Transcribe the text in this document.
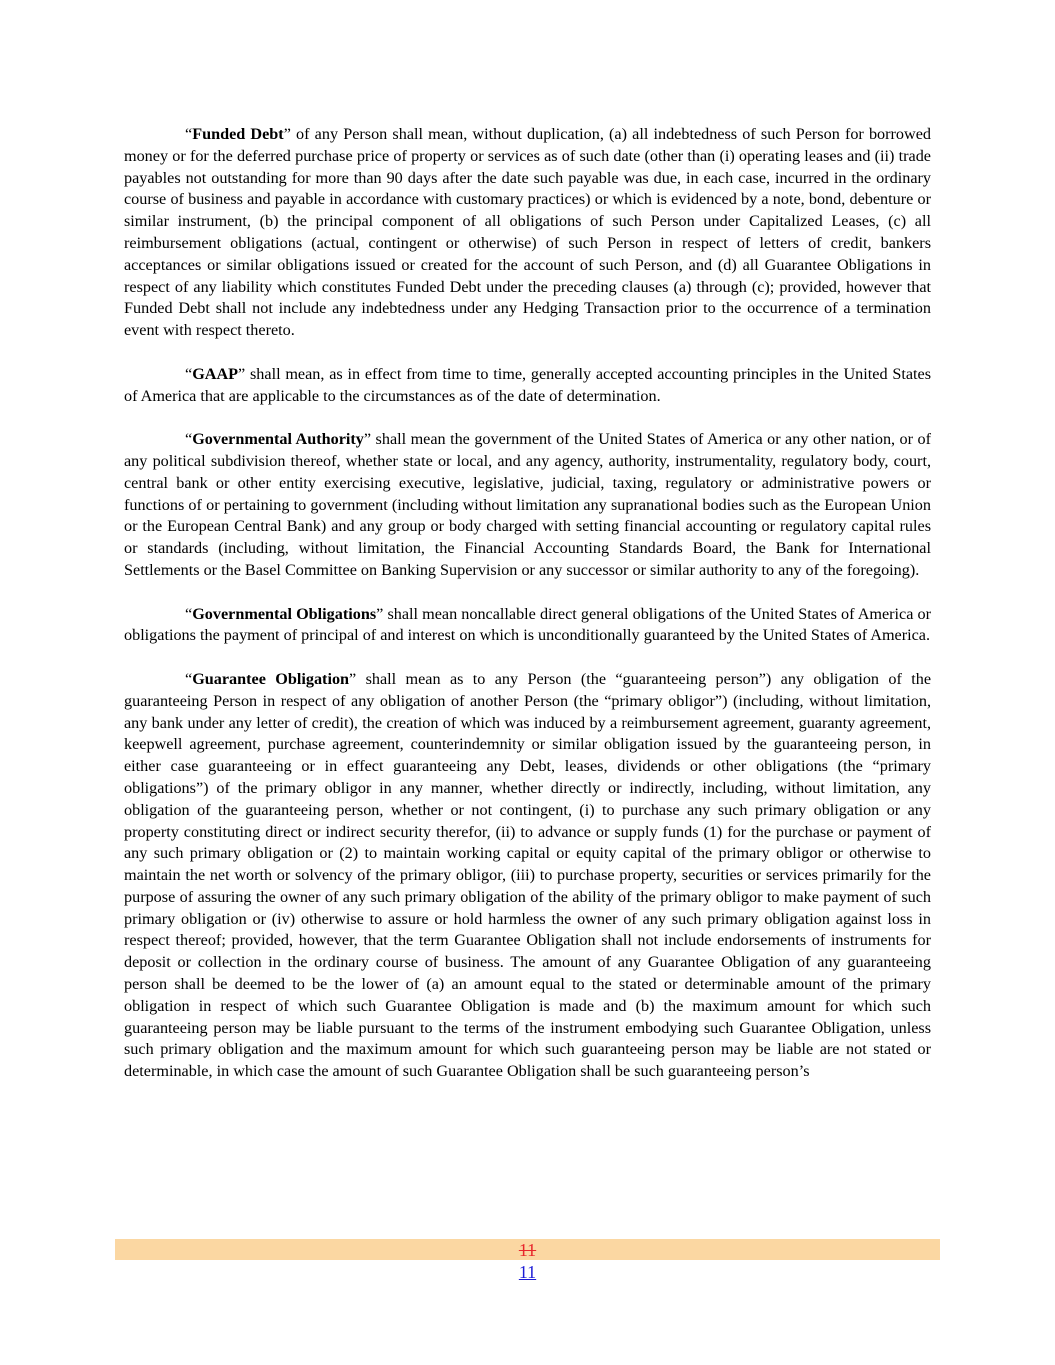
“Funded Debt” of any Person shall mean, without duplication, (a) all indebtedness of such Person for borrowed money or for the deferred purchase price of property or services as of such date (other than (i) operating leases and (ii) trade payables not outstanding for more than 90 days after the date such payable was due, in each case, incurred in the ordinary course of business and payable in accordance with customary practices) or which is evidenced by a note, bond, debenture or similar instrument, (b) the principal component of all obligations of such Person under Capitalized Leases, (c) all reimbursement obligations (actual, contingent or otherwise) of such Person in respect of letters of credit, bankers acceptances or similar obligations issued or created for the account of such Person, and (d) all Guarantee Obligations in respect of any liability which constitutes Funded Debt under the preceding clauses (a) through (c); provided, however that Funded Debt shall not include any indebtedness under any Hedging Transaction prior to the occurrence of a termination event with respect thereto.

“GAAP” shall mean, as in effect from time to time, generally accepted accounting principles in the United States of America that are applicable to the circumstances as of the date of determination.

“Governmental Authority” shall mean the government of the United States of America or any other nation, or of any political subdivision thereof, whether state or local, and any agency, authority, instrumentality, regulatory body, court, central bank or other entity exercising executive, legislative, judicial, taxing, regulatory or administrative powers or functions of or pertaining to government (including without limitation any supranational bodies such as the European Union or the European Central Bank) and any group or body charged with setting financial accounting or regulatory capital rules or standards (including, without limitation, the Financial Accounting Standards Board, the Bank for International Settlements or the Basel Committee on Banking Supervision or any successor or similar authority to any of the foregoing).

“Governmental Obligations” shall mean noncallable direct general obligations of the United States of America or obligations the payment of principal of and interest on which is unconditionally guaranteed by the United States of America.

“Guarantee Obligation” shall mean as to any Person (the “guaranteeing person”) any obligation of the guaranteeing Person in respect of any obligation of another Person (the “primary obligor”) (including, without limitation, any bank under any letter of credit), the creation of which was induced by a reimbursement agreement, guaranty agreement, keepwell agreement, purchase agreement, counterindemnity or similar obligation issued by the guaranteeing person, in either case guaranteeing or in effect guaranteeing any Debt, leases, dividends or other obligations (the “primary obligations”) of the primary obligor in any manner, whether directly or indirectly, including, without limitation, any obligation of the guaranteeing person, whether or not contingent, (i) to purchase any such primary obligation or any property constituting direct or indirect security therefor, (ii) to advance or supply funds (1) for the purchase or payment of any such primary obligation or (2) to maintain working capital or equity capital of the primary obligor or otherwise to maintain the net worth or solvency of the primary obligor, (iii) to purchase property, securities or services primarily for the purpose of assuring the owner of any such primary obligation of the ability of the primary obligor to make payment of such primary obligation or (iv) otherwise to assure or hold harmless the owner of any such primary obligation against loss in respect thereof; provided, however, that the term Guarantee Obligation shall not include endorsements of instruments for deposit or collection in the ordinary course of business. The amount of any Guarantee Obligation of any guaranteeing person shall be deemed to be the lower of (a) an amount equal to the stated or determinable amount of the primary obligation in respect of which such Guarantee Obligation is made and (b) the maximum amount for which such guaranteeing person may be liable pursuant to the terms of the instrument embodying such Guarantee Obligation, unless such primary obligation and the maximum amount for which such guaranteeing person may be liable are not stated or determinable, in which case the amount of such Guarantee Obligation shall be such guaranteeing person’s

11
11
